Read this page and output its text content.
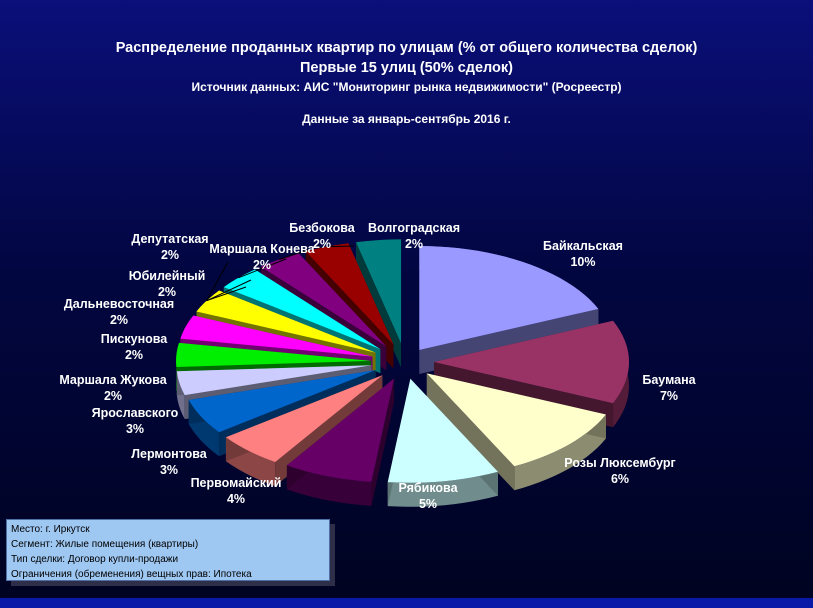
Распределение проданных квартир по улицам (% от общего количества сделок)
Первые 15 улиц (50% сделок)
Источник данных: АИС "Мониторинг рынка недвижимости" (Росреестр)
Данные за январь-сентябрь 2016 г.
Байкальская 10%
Баумана 7%
Розы Люксембург 6%
Рябикова 5%
Первомайский 4%
Лермонтова 3%
Ярославского 3%
Маршала Жукова 2%
Пискунова 2%
Дальневосточная 2%
Юбилейный 2%
Маршала Конева 2%
Депутатская 2%
Безбокова 2%
Волгоградская 2%
Место: г. Иркутск
Сегмент: Жилые помещения (квартиры)
Тип сделки: Договор купли-продажи
Ограничения (обременения) вещных прав: Ипотека
